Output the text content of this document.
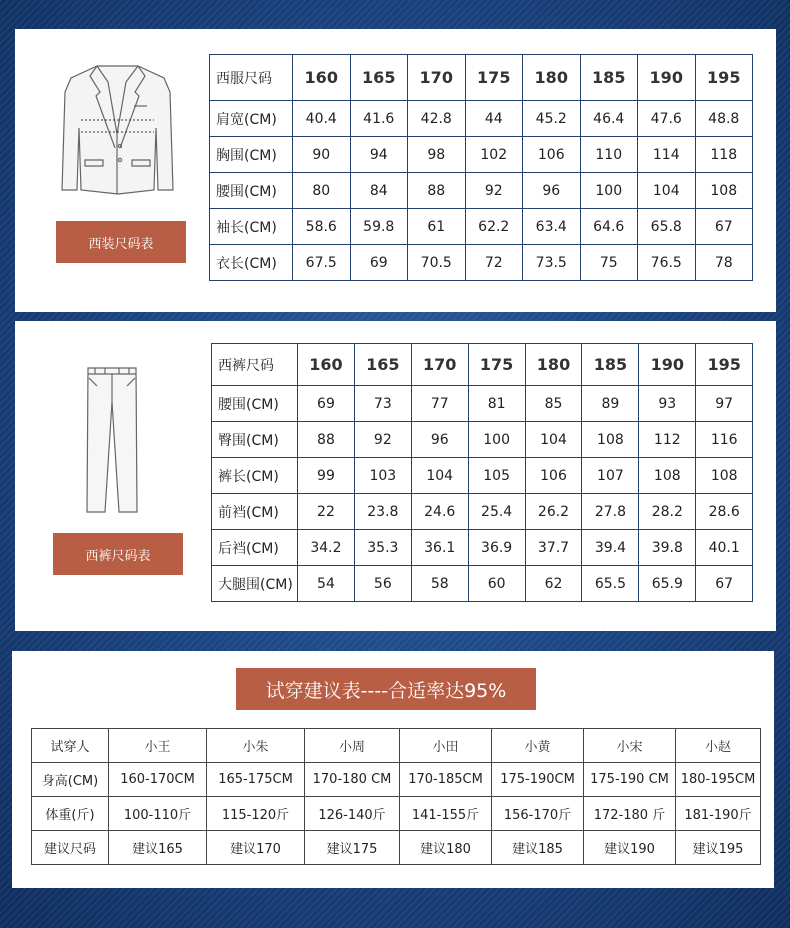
西装尺码表
西服尺码	160	165	170	175	180	185	190	195
肩宽(CM)	40.4	41.6	42.8	44	45.2	46.4	47.6	48.8
胸围(CM)	90	94	98	102	106	110	114	118
腰围(CM)	80	84	88	92	96	100	104	108
袖长(CM)	58.6	59.8	61	62.2	63.4	64.6	65.8	67
衣长(CM)	67.5	69	70.5	72	73.5	75	76.5	78
西裤尺码表
西裤尺码	160	165	170	175	180	185	190	195
腰围(CM)	69	73	77	81	85	89	93	97
臀围(CM)	88	92	96	100	104	108	112	116
裤长(CM)	99	103	104	105	106	107	108	108
前裆(CM)	22	23.8	24.6	25.4	26.2	27.8	28.2	28.6
后裆(CM)	34.2	35.3	36.1	36.9	37.7	39.4	39.8	40.1
大腿围(CM)	54	56	58	60	62	65.5	65.9	67
试穿建议表----合适率达95%
试穿人	小王	小朱	小周	小田	小黄	小宋	小赵
身高(CM)	160-170CM	165-175CM	170-180 CM	170-185CM	175-190CM	175-190 CM	180-195CM
体重(斤)	100-110斤	115-120斤	126-140斤	141-155斤	156-170斤	172-180 斤	181-190斤
建议尺码	建议165	建议170	建议175	建议180	建议185	建议190	建议195
